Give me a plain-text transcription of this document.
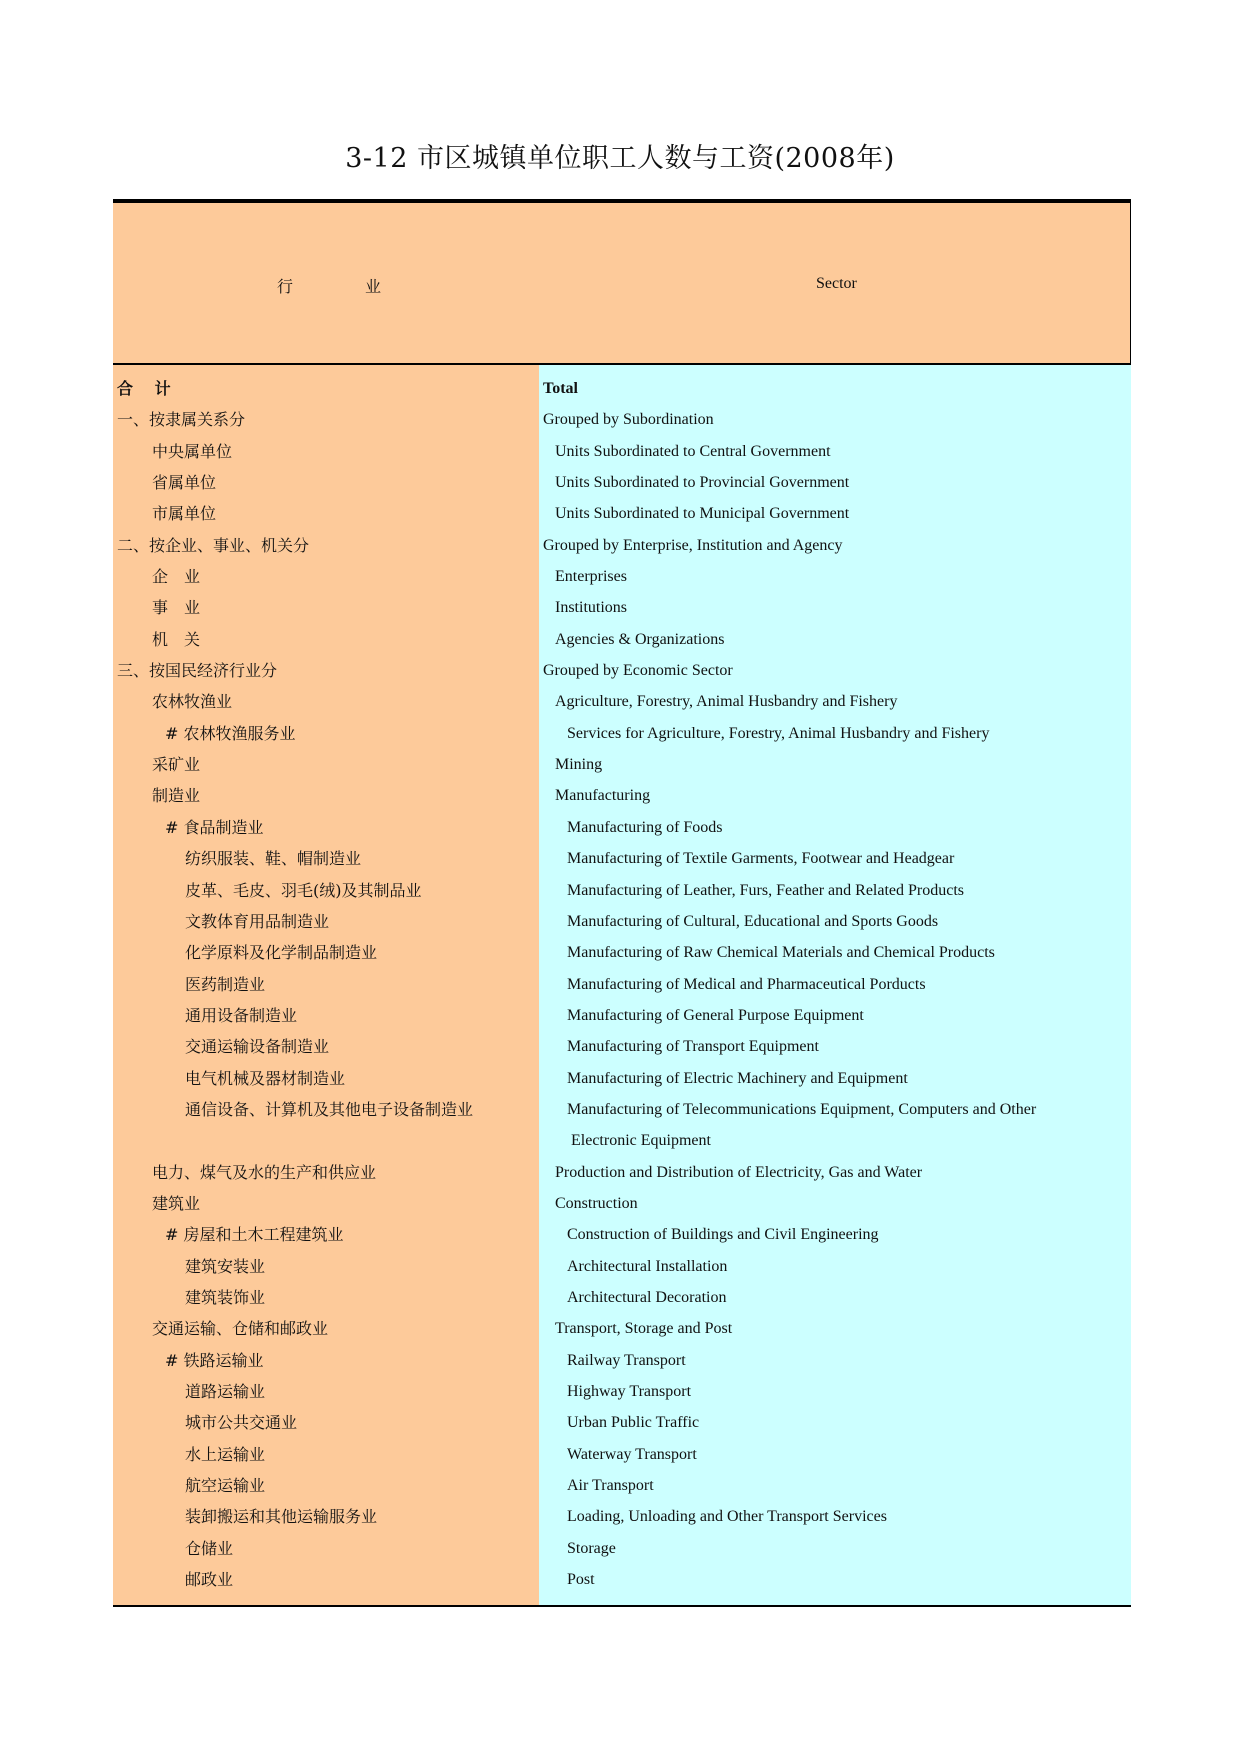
3-12 市区城镇单位职工人数与工资(2008年)
行	业	Sector
合　 计
一、按隶属关系分
中央属单位
省属单位
市属单位
二、按企业、事业、机关分
企　业
事　业
机　关
三、按国民经济行业分
农林牧渔业
# 农林牧渔服务业
采矿业
制造业
# 食品制造业
纺织服装、鞋、帽制造业
皮革、毛皮、羽毛(绒)及其制品业
文教体育用品制造业
化学原料及化学制品制造业
医药制造业
通用设备制造业
交通运输设备制造业
电气机械及器材制造业
通信设备、计算机及其他电子设备制造业
电力、煤气及水的生产和供应业
建筑业
# 房屋和土木工程建筑业
建筑安装业
建筑装饰业
交通运输、仓储和邮政业
# 铁路运输业
道路运输业
城市公共交通业
水上运输业
航空运输业
装卸搬运和其他运输服务业
仓储业
邮政业
Total
Grouped by Subordination
Units Subordinated to Central Government
Units Subordinated to Provincial Government
Units Subordinated to Municipal Government
Grouped by Enterprise, Institution and Agency
Enterprises
Institutions
Agencies & Organizations
Grouped by Economic Sector
Agriculture, Forestry, Animal Husbandry and Fishery
Services for Agriculture, Forestry, Animal Husbandry and Fishery
Mining
Manufacturing
Manufacturing of Foods
Manufacturing of Textile Garments, Footwear and Headgear
Manufacturing of Leather, Furs, Feather and Related Products
Manufacturing of Cultural, Educational and Sports Goods
Manufacturing of Raw Chemical Materials and Chemical Products
Manufacturing of Medical and Pharmaceutical Porducts
Manufacturing of General Purpose Equipment
Manufacturing of Transport Equipment
Manufacturing of Electric Machinery and Equipment
Manufacturing of Telecommunications Equipment, Computers and Other
Electronic Equipment
Production and Distribution of Electricity, Gas and Water
Construction
Construction of Buildings and Civil Engineering
Architectural Installation
Architectural Decoration
Transport, Storage and Post
Railway Transport
Highway Transport
Urban Public Traffic
Waterway Transport
Air Transport
Loading, Unloading and Other Transport Services
Storage
Post
